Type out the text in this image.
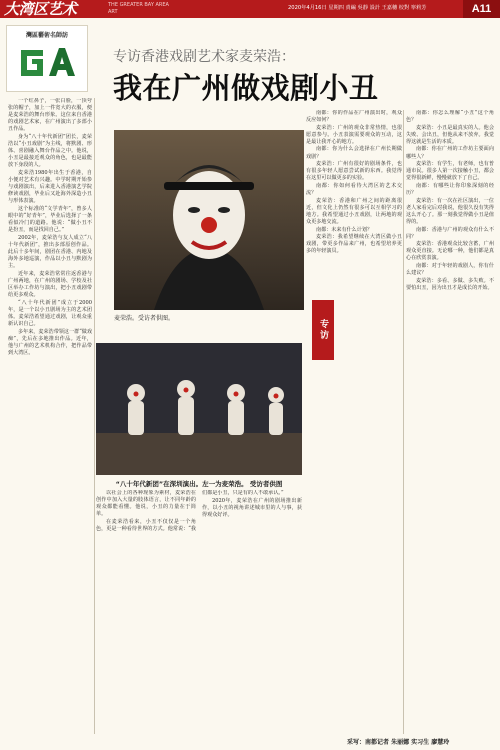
大湾区艺术	THE GREATER BAY AREA ART
2020年4月16日 星期四 責編 吳靜 設計 王嘉穗 校對 寧莉芳	A11
灣區藝術名師訪
专访香港戏剧艺术家麦荣浩：
我在广州做戏剧小丑

一个红鼻子，一张白脸，一顶夸张的帽子，加上一件宽大的衣服，便是麦荣浩的舞台形象。这位来自香港的戏剧艺术家，在广州演出了多部小丑作品。

身为“八十年代新团”团长，麦荣浩以“小丑戏剧”为主线，将默剧、形体、喜剧融入舞台作品之中。他说，小丑是最接近观众的角色，也是最能放下身段的人。

麦荣浩1980年出生于香港，自小便对艺术有兴趣。中学时期开始参与戏剧演出，后来进入香港演艺学院修读戏剧，毕业后又赴海外深造小丑与形体表演。

这个标准的“文学青年”，曾多人眼中的“好青年”，毕业后选择了一条看似冷门的道路。他说：“做小丑不是扮丑，而是找回自己。”

2002年，麦荣浩与友人成立“八十年代新团”，推出多部原创作品。此后十多年间，剧团在香港、内地及海外多地巡演，作品以小丑与默剧为主。

近年来，麦荣浩常常往返香港与广州两地，在广州的剧场、学校及社区举办工作坊与演出，把小丑戏剧带给更多观众。

“八十年代新团”成立于2000年，是一个以小丑剧场为主的艺术团体。麦荣浩希望通过戏剧，让观众重新认识自己。

多年来，麦荣浩带领这一群“做戏痴”，先后在多地推出作品。近年，他与广州的艺术机构合作，把作品带到大湾区。

麦荣浩。受访者供图。
“八十年代新团”在深圳演出。左一为麦荣浩。 受访者供图

以社会上的各种现象为素材，麦荣浩在创作中加入大量的肢体语言，让不同年龄的观众都能看懂。他说，小丑的力量在于简单。

在麦荣浩看来，小丑不仅仅是一个角色，更是一种看待世界的方式。他常说：“我们都是小丑，只是有的人不敢承认。”

2020年，麦荣浩在广州的剧场推出新作，以小丑的视角讲述城市里的人与事，获得观众好评。

专访

南都：你的作品在广州演出时，观众反应如何？

麦荣浩：广州的观众非常热情，也很愿意参与。小丑表演需要观众的互动，这是最让我开心的地方。

南都：你为什么会选择在广州长期做戏剧？

麦荣浩：广州有很好的剧场条件，也有很多年轻人愿意尝试新的东西。我觉得在这里可以做更多的实验。

南都：你如何看待大湾区的艺术交流？

麦荣浩：香港和广州之间的距离很近，但文化上仍然有很多可以互相学习的地方。我希望通过小丑戏剧，让两地的观众更多地交流。

南都：未来有什么计划？

麦荣浩：我希望继续在大湾区做小丑戏剧，带更多作品来广州，也希望培养更多的年轻演员。

南都：你怎么理解“小丑”这个角色？

麦荣浩：小丑是最真实的人。他会失败、会出丑，但他从来不放弃。我觉得这就是生活的本质。

南都：你在广州的工作坊主要面向哪些人？

麦荣浩：有学生，有老师，也有普通市民。很多人第一次接触小丑，都会觉得很新鲜，慢慢就放下了自己。

南都：有哪些让你印象深刻的经历？

麦荣浩：有一次在社区演出，一位老人家看完后对我说，他很久没有笑得这么开心了。那一刻我觉得做小丑是值得的。

南都：香港与广州的观众有什么不同？

麦荣浩：香港观众比较含蓄，广州观众更直接。无论哪一种，他们都是真心在欣赏表演。

南都：对于年轻的戏剧人，你有什么建议？

麦荣浩：多看、多做、多失败。不要怕出丑，因为出丑才是成长的开始。

采写：南都记者 朱丽娜 实习生 廖慧玲
